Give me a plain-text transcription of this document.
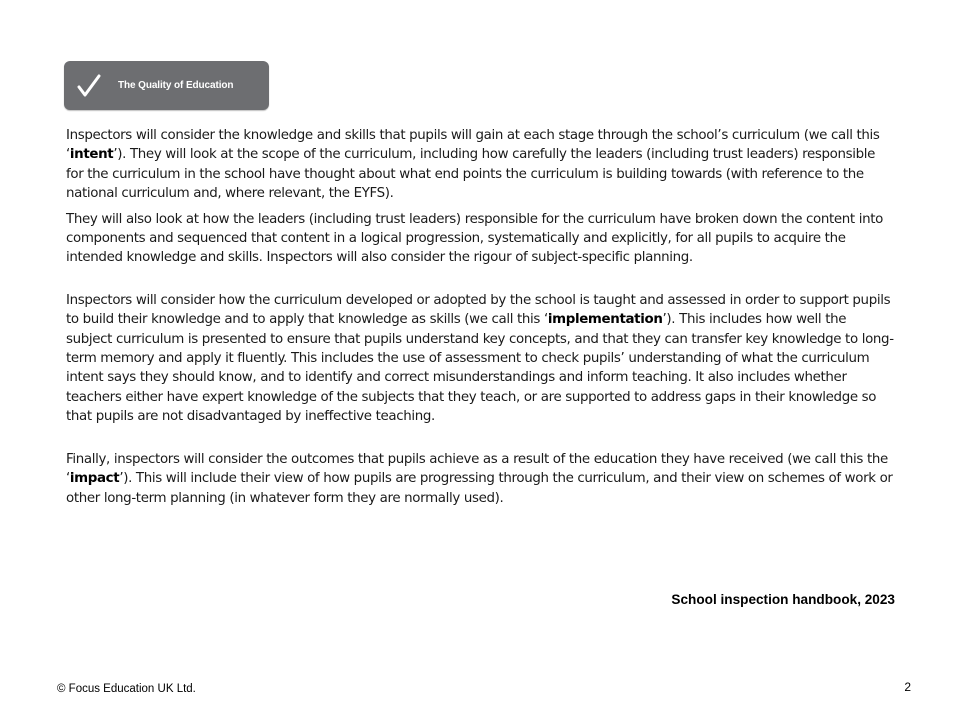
The Quality of Education

Inspectors will consider the knowledge and skills that pupils will gain at each stage through the school’s curriculum (we call this ‘intent’). They will look at the scope of the curriculum, including how carefully the leaders (including trust leaders) responsible for the curriculum in the school have thought about what end points the curriculum is building towards (with reference to the national curriculum and, where relevant, the EYFS).

They will also look at how the leaders (including trust leaders) responsible for the curriculum have broken down the content into components and sequenced that content in a logical progression, systematically and explicitly, for all pupils to acquire the intended knowledge and skills. Inspectors will also consider the rigour of subject-specific planning.

Inspectors will consider how the curriculum developed or adopted by the school is taught and assessed in order to support pupils to build their knowledge and to apply that knowledge as skills (we call this ‘implementation’). This includes how well the subject curriculum is presented to ensure that pupils understand key concepts, and that they can transfer key knowledge to long-term memory and apply it fluently. This includes the use of assessment to check pupils’ understanding of what the curriculum intent says they should know, and to identify and correct misunderstandings and inform teaching. It also includes whether teachers either have expert knowledge of the subjects that they teach, or are supported to address gaps in their knowledge so that pupils are not disadvantaged by ineffective teaching.

Finally, inspectors will consider the outcomes that pupils achieve as a result of the education they have received (we call this the ‘impact’). This will include their view of how pupils are progressing through the curriculum, and their view on schemes of work or other long-term planning (in whatever form they are normally used).

School inspection handbook, 2023
© Focus Education UK Ltd.	2
